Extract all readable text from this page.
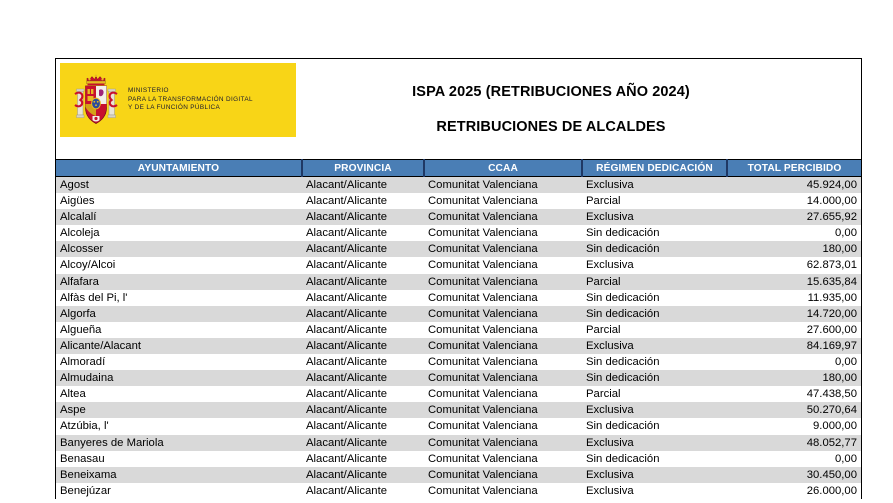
MINISTERIO
PARA LA TRANSFORMACIÓN DIGITAL
Y DE LA FUNCIÓN PÚBLICA
ISPA 2025 (RETRIBUCIONES AÑO 2024)
RETRIBUCIONES DE ALCALDES
AYUNTAMIENTO	PROVINCIA	CCAA	RÉGIMEN DEDICACIÓN	TOTAL PERCIBIDO
Agost	Alacant/Alicante	Comunitat Valenciana	Exclusiva	45.924,00
Aigües	Alacant/Alicante	Comunitat Valenciana	Parcial	14.000,00
Alcalalí	Alacant/Alicante	Comunitat Valenciana	Exclusiva	27.655,92
Alcoleja	Alacant/Alicante	Comunitat Valenciana	Sin dedicación	0,00
Alcosser	Alacant/Alicante	Comunitat Valenciana	Sin dedicación	180,00
Alcoy/Alcoi	Alacant/Alicante	Comunitat Valenciana	Exclusiva	62.873,01
Alfafara	Alacant/Alicante	Comunitat Valenciana	Parcial	15.635,84
Alfàs del Pi, l'	Alacant/Alicante	Comunitat Valenciana	Sin dedicación	11.935,00
Algorfa	Alacant/Alicante	Comunitat Valenciana	Sin dedicación	14.720,00
Algueña	Alacant/Alicante	Comunitat Valenciana	Parcial	27.600,00
Alicante/Alacant	Alacant/Alicante	Comunitat Valenciana	Exclusiva	84.169,97
Almoradí	Alacant/Alicante	Comunitat Valenciana	Sin dedicación	0,00
Almudaina	Alacant/Alicante	Comunitat Valenciana	Sin dedicación	180,00
Altea	Alacant/Alicante	Comunitat Valenciana	Parcial	47.438,50
Aspe	Alacant/Alicante	Comunitat Valenciana	Exclusiva	50.270,64
Atzúbia, l'	Alacant/Alicante	Comunitat Valenciana	Sin dedicación	9.000,00
Banyeres de Mariola	Alacant/Alicante	Comunitat Valenciana	Exclusiva	48.052,77
Benasau	Alacant/Alicante	Comunitat Valenciana	Sin dedicación	0,00
Beneixama	Alacant/Alicante	Comunitat Valenciana	Exclusiva	30.450,00
Benejúzar	Alacant/Alicante	Comunitat Valenciana	Exclusiva	26.000,00
